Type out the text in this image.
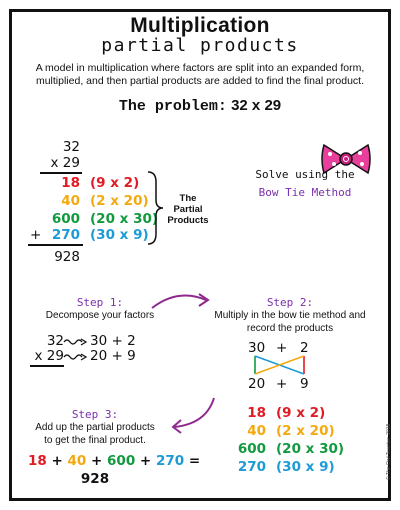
Multiplication
partial products
A model in multiplication where factors are split into an expanded form, multiplied, and then partial products are added to find the final product.
The problem: 32 x 29
32
x 29
18 (9 x 2)
40 (2 x 20)
600 (20 x 30)
+ 270 (30 x 9)
928
The
Partial
Products
Solve using the
Bow Tie Method
Step 1:
Decompose your factors
32 30 + 2
x 29 20 + 9
Step 2:
Multiply in the bow tie method and
record the products
30 + 2
20 + 9
18 (9 x 2)
40 (2 x 20)
600 (20 x 30)
270 (30 x 9)
Step 3:
Add up the partial products
to get the final product.
18 + 40 + 600 + 270 =
928	© The Owl Teacher, 2018
